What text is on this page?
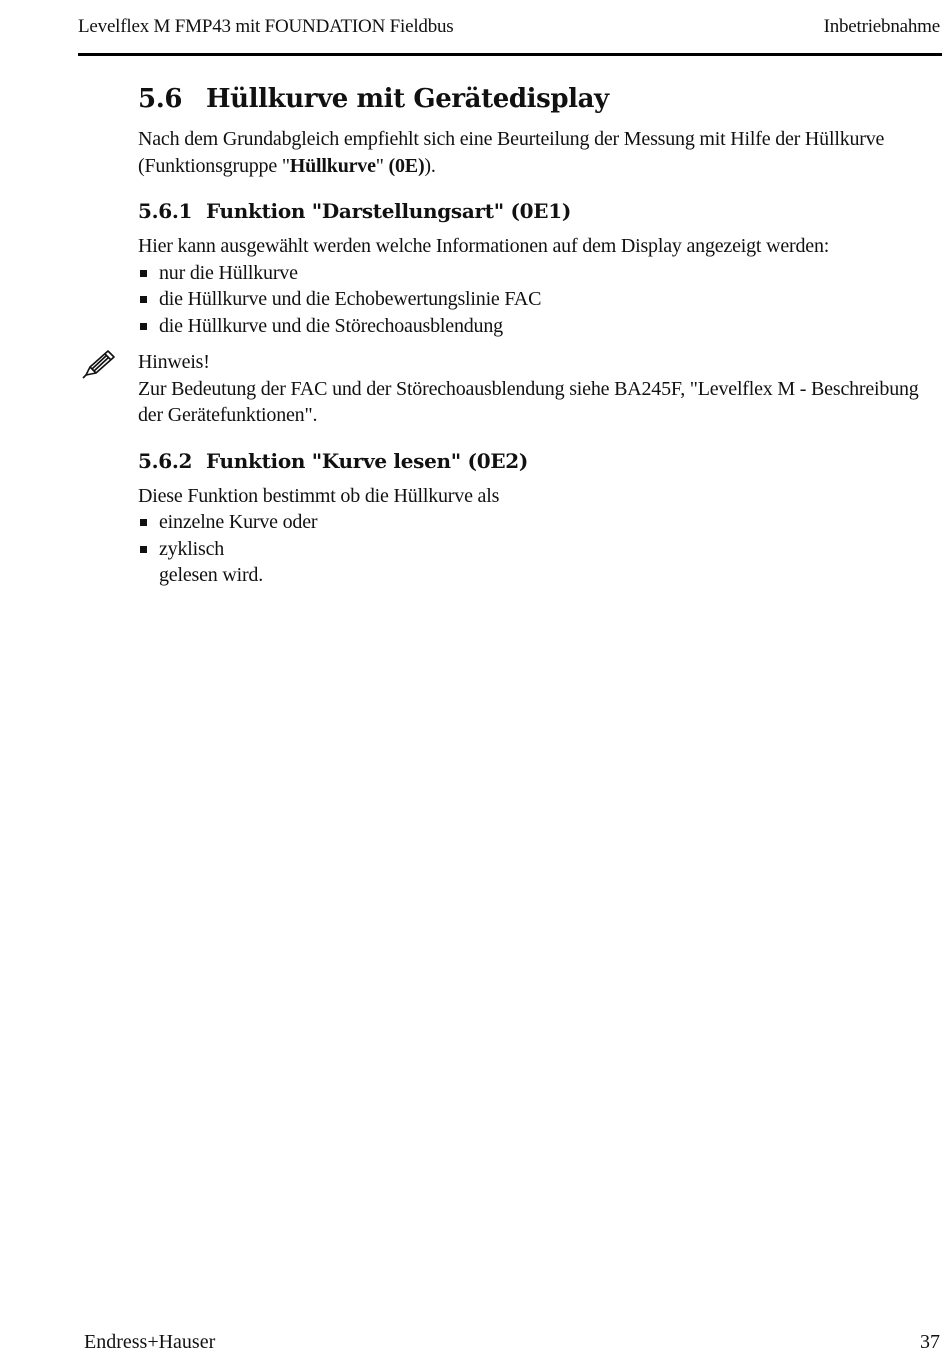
Levelflex M FMP43 mit FOUNDATION Fieldbus	Inbetriebnahme
5.6 Hüllkurve mit Gerätedisplay

Nach dem Grundabgleich empfiehlt sich eine Beurteilung der Messung mit Hilfe der Hüllkurve (Funktionsgruppe "Hüllkurve" (0E)).

5.6.1 Funktion "Darstellungsart" (0E1)

Hier kann ausgewählt werden welche Informationen auf dem Display angezeigt werden:

nur die Hüllkurve
die Hüllkurve und die Echobewertungslinie FAC
die Hüllkurve und die Störechoausblendung

Hinweis!

Zur Bedeutung der FAC und der Störechoausblendung siehe BA245F, "Levelflex M - Beschreibung der Gerätefunktionen".

5.6.2 Funktion "Kurve lesen" (0E2)

Diese Funktion bestimmt ob die Hüllkurve als

einzelne Kurve oder
zyklisch

gelesen wird.

Endress+Hauser	37
